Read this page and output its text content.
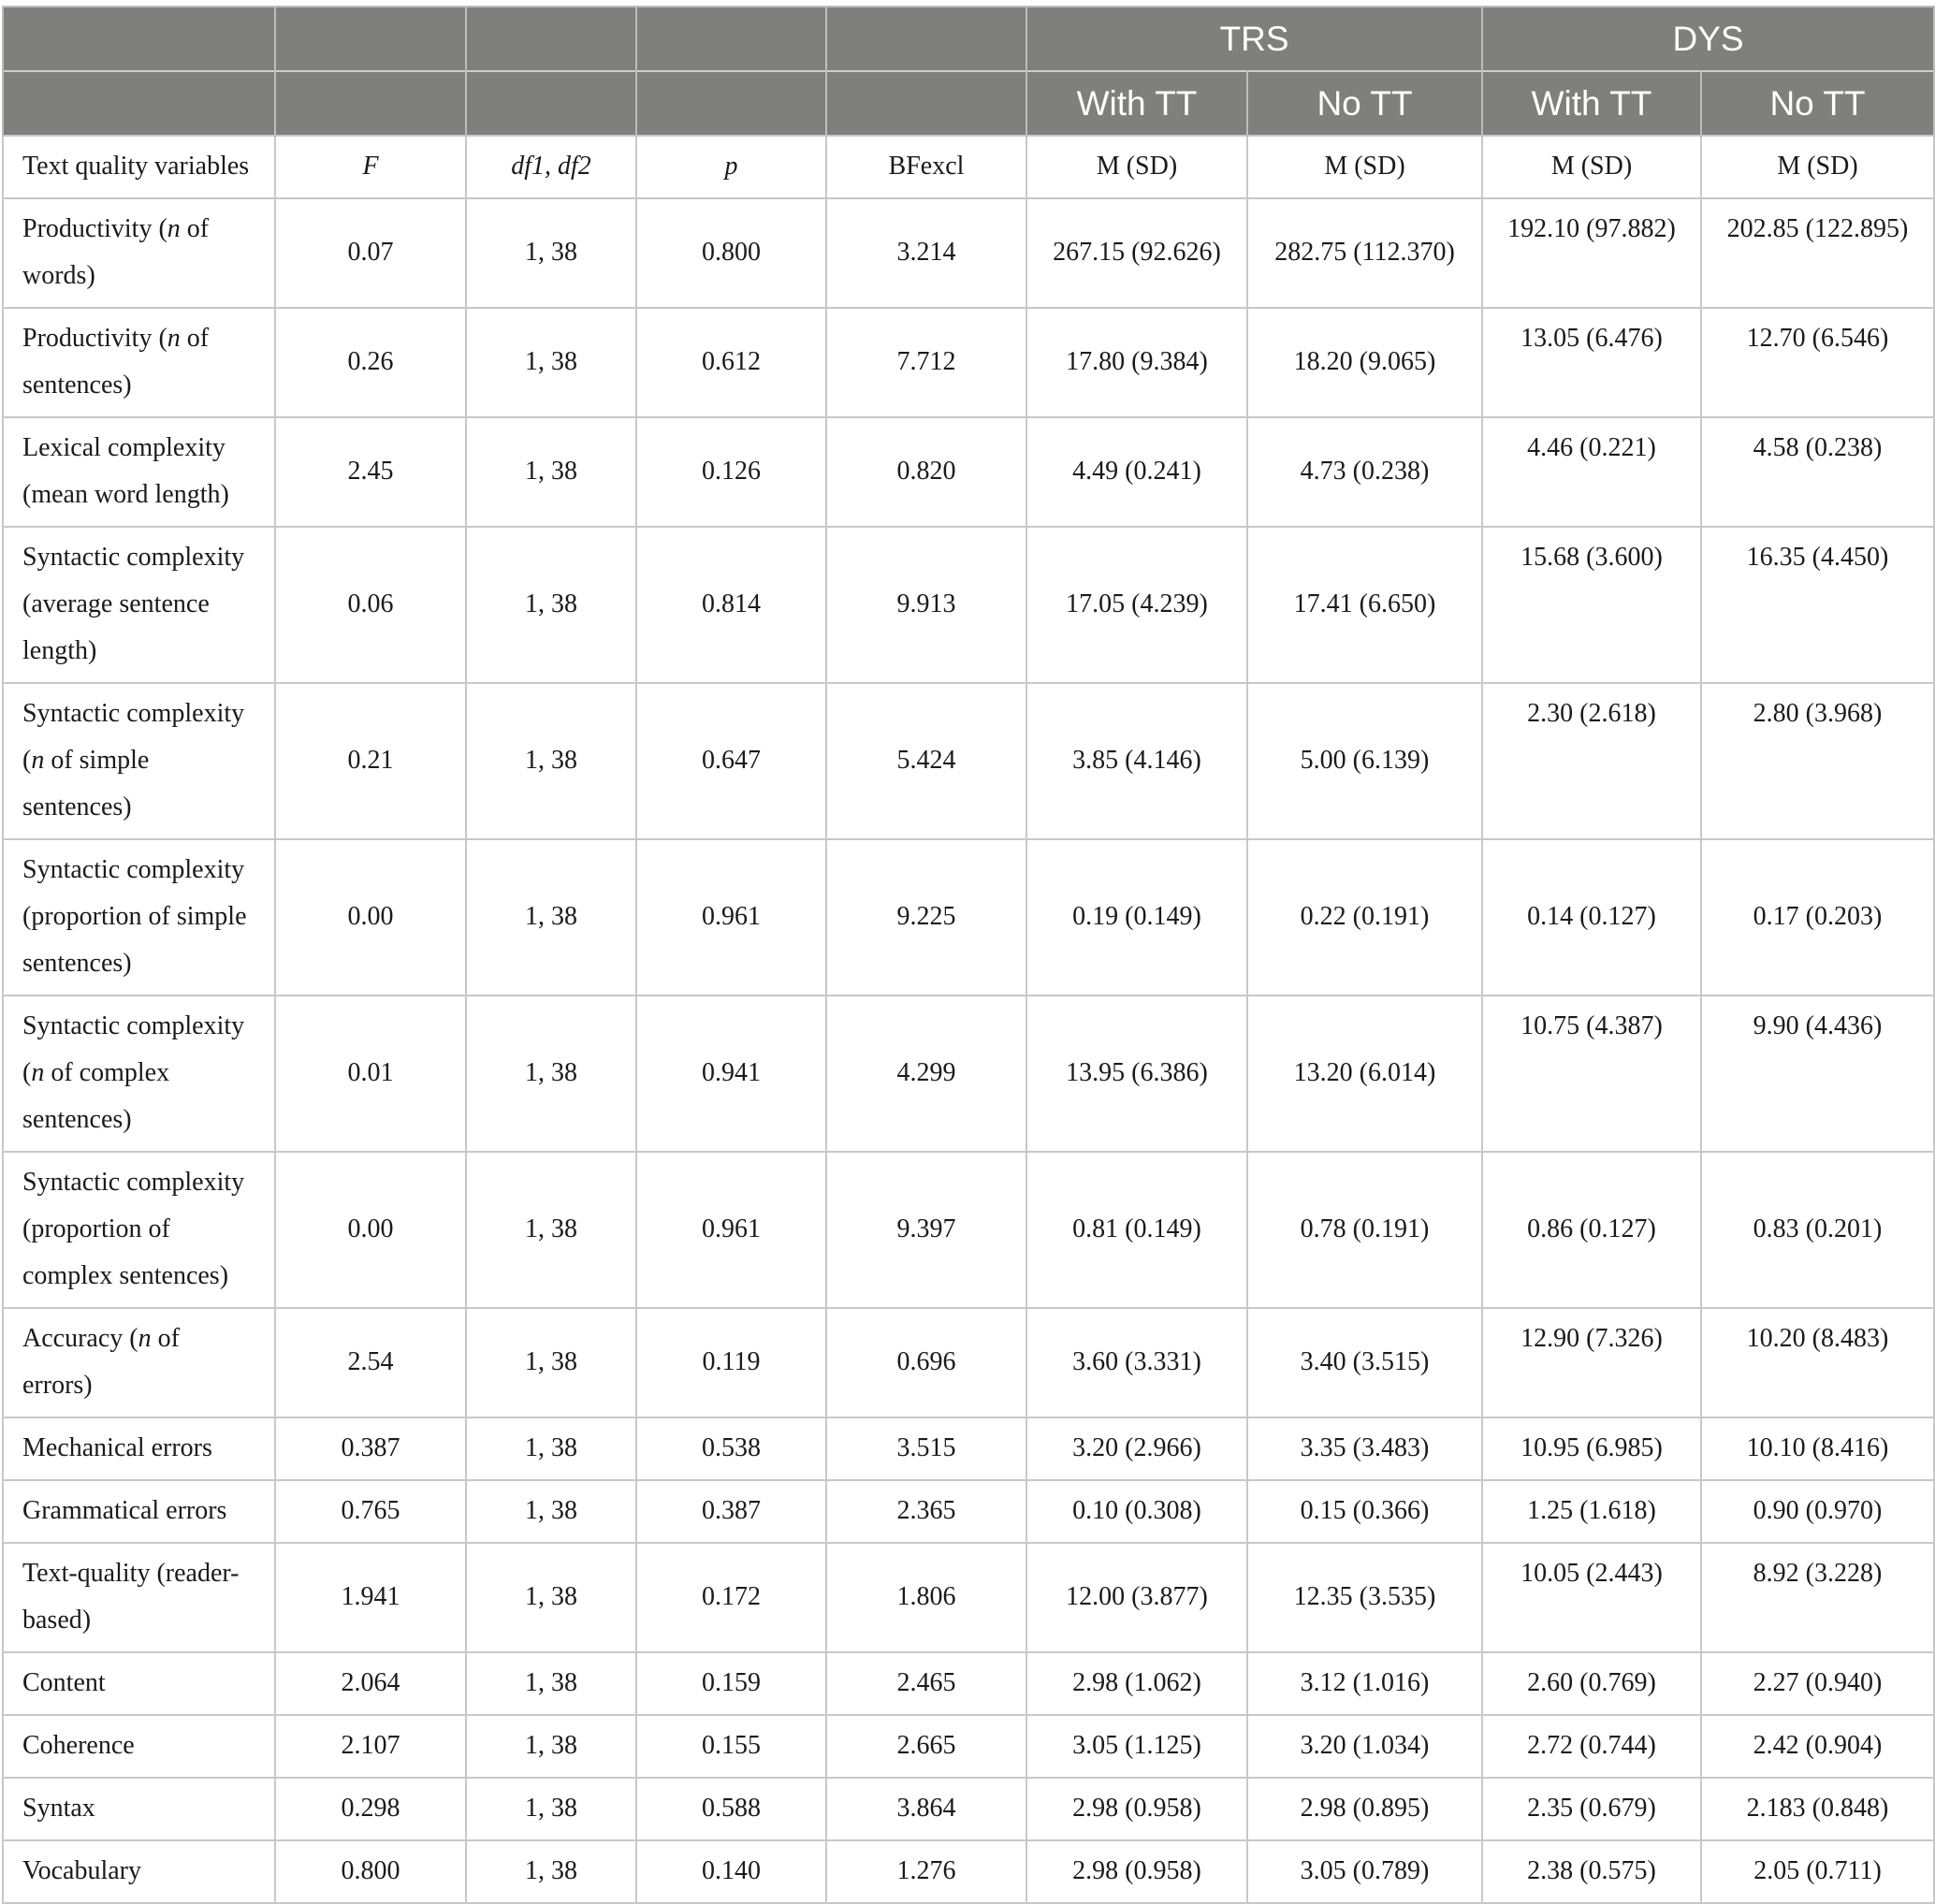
					TRS		DYS	
					With TT	No TT	With TT	No TT
Text quality variables	F	df1, df2	p	BFexcl	M (SD)	M (SD)	M (SD)	M (SD)
Productivity (n of words)	0.07	1, 38	0.800	3.214	267.15 (92.626)	282.75 (112.370)	192.10 (97.882)	202.85 (122.895)
Productivity (n of sentences)	0.26	1, 38	0.612	7.712	17.80 (9.384)	18.20 (9.065)	13.05 (6.476)	12.70 (6.546)
Lexical complexity (mean word length)	2.45	1, 38	0.126	0.820	4.49 (0.241)	4.73 (0.238)	4.46 (0.221)	4.58 (0.238)
Syntactic complexity (average sentence length)	0.06	1, 38	0.814	9.913	17.05 (4.239)	17.41 (6.650)	15.68 (3.600)	16.35 (4.450)
Syntactic complexity (n of simple sentences)	0.21	1, 38	0.647	5.424	3.85 (4.146)	5.00 (6.139)	2.30 (2.618)	2.80 (3.968)
Syntactic complexity (proportion of simple sentences)	0.00	1, 38	0.961	9.225	0.19 (0.149)	0.22 (0.191)	0.14 (0.127)	0.17 (0.203)
Syntactic complexity (n of complex sentences)	0.01	1, 38	0.941	4.299	13.95 (6.386)	13.20 (6.014)	10.75 (4.387)	9.90 (4.436)
Syntactic complexity (proportion of complex sentences)	0.00	1, 38	0.961	9.397	0.81 (0.149)	0.78 (0.191)	0.86 (0.127)	0.83 (0.201)
Accuracy (n of errors)	2.54	1, 38	0.119	0.696	3.60 (3.331)	3.40 (3.515)	12.90 (7.326)	10.20 (8.483)
Mechanical errors	0.387	1, 38	0.538	3.515	3.20 (2.966)	3.35 (3.483)	10.95 (6.985)	10.10 (8.416)
Grammatical errors	0.765	1, 38	0.387	2.365	0.10 (0.308)	0.15 (0.366)	1.25 (1.618)	0.90 (0.970)
Text-quality (reader-based)	1.941	1, 38	0.172	1.806	12.00 (3.877)	12.35 (3.535)	10.05 (2.443)	8.92 (3.228)
Content	2.064	1, 38	0.159	2.465	2.98 (1.062)	3.12 (1.016)	2.60 (0.769)	2.27 (0.940)
Coherence	2.107	1, 38	0.155	2.665	3.05 (1.125)	3.20 (1.034)	2.72 (0.744)	2.42 (0.904)
Syntax	0.298	1, 38	0.588	3.864	2.98 (0.958)	2.98 (0.895)	2.35 (0.679)	2.183 (0.848)
Vocabulary	0.800	1, 38	0.140	1.276	2.98 (0.958)	3.05 (0.789)	2.38 (0.575)	2.05 (0.711)
